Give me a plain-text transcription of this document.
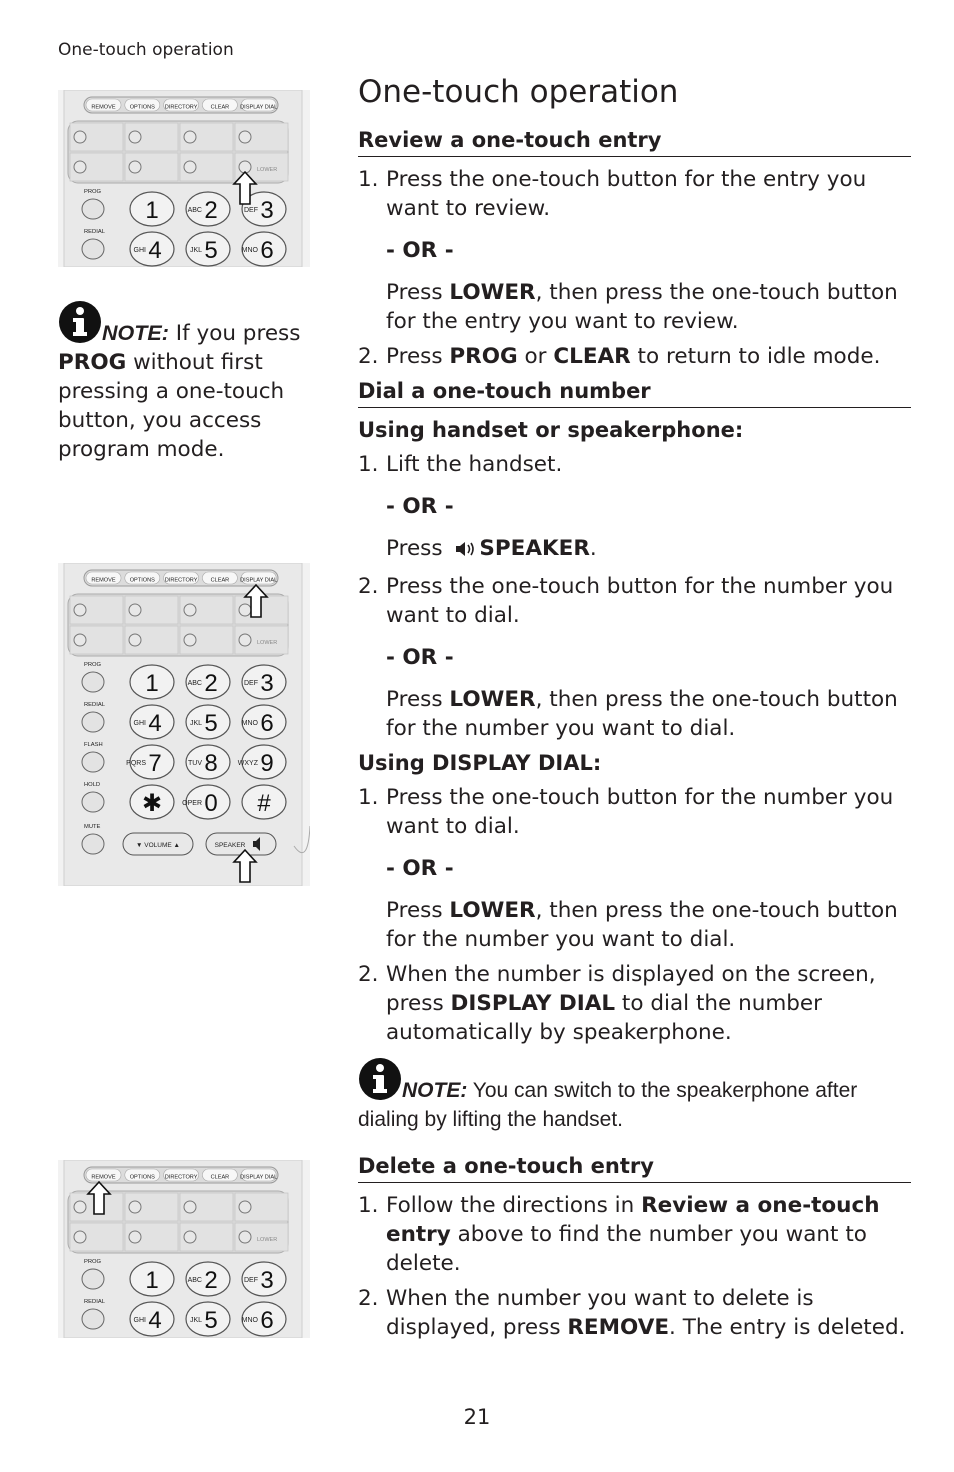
One-touch operation
REMOVE	OPTIONS DIRECTORY CLEAR DISPLAY DIAL
LOWER
PROG
1	ABC 2	DEF 3
REDIAL
GHI 4	JKL 5	MNO 6
NOTE: If you press PROG without first pressing a one-touch button, you access program mode.
REMOVE	OPTIONS DIRECTORY CLEAR DISPLAY DIAL
LOWER
PROG
1	ABC 2	DEF 3
REDIAL
GHI 4	JKL 5	MNO 6
FLASH
PQRS 7	TUV 8	WXYZ 9
HOLD
✱	OPER 0 #
MUTE
▼ VOLUME ▲	SPEAKER
REMOVE	OPTIONS DIRECTORY CLEAR DISPLAY DIAL
LOWER
PROG
1	ABC 2	DEF 3
REDIAL
GHI 4	JKL 5	MNO 6
One-touch operation
Review a one-touch entry
1. Press the one-touch button for the entry you want to review.
- OR -
Press LOWER, then press the one-touch button for the entry you want to review.
2. Press PROG or CLEAR to return to idle mode.
Dial a one-touch number
Using handset or speakerphone:
1. Lift the handset.
- OR -
Press SPEAKER.
2. Press the one-touch button for the number you want to dial.
- OR -
Press LOWER, then press the one-touch button for the number you want to dial.
Using DISPLAY DIAL:
1. Press the one-touch button for the number you want to dial.
- OR -
Press LOWER, then press the one-touch button for the number you want to dial.
2. When the number is displayed on the screen, press DISPLAY DIAL to dial the number automatically by speakerphone.
NOTE: You can switch to the speakerphone after dialing by lifting the handset.
Delete a one-touch entry
1. Follow the directions in Review a one-touch entry above to find the number you want to delete.
2. When the number you want to delete is displayed, press REMOVE. The entry is deleted.
21
